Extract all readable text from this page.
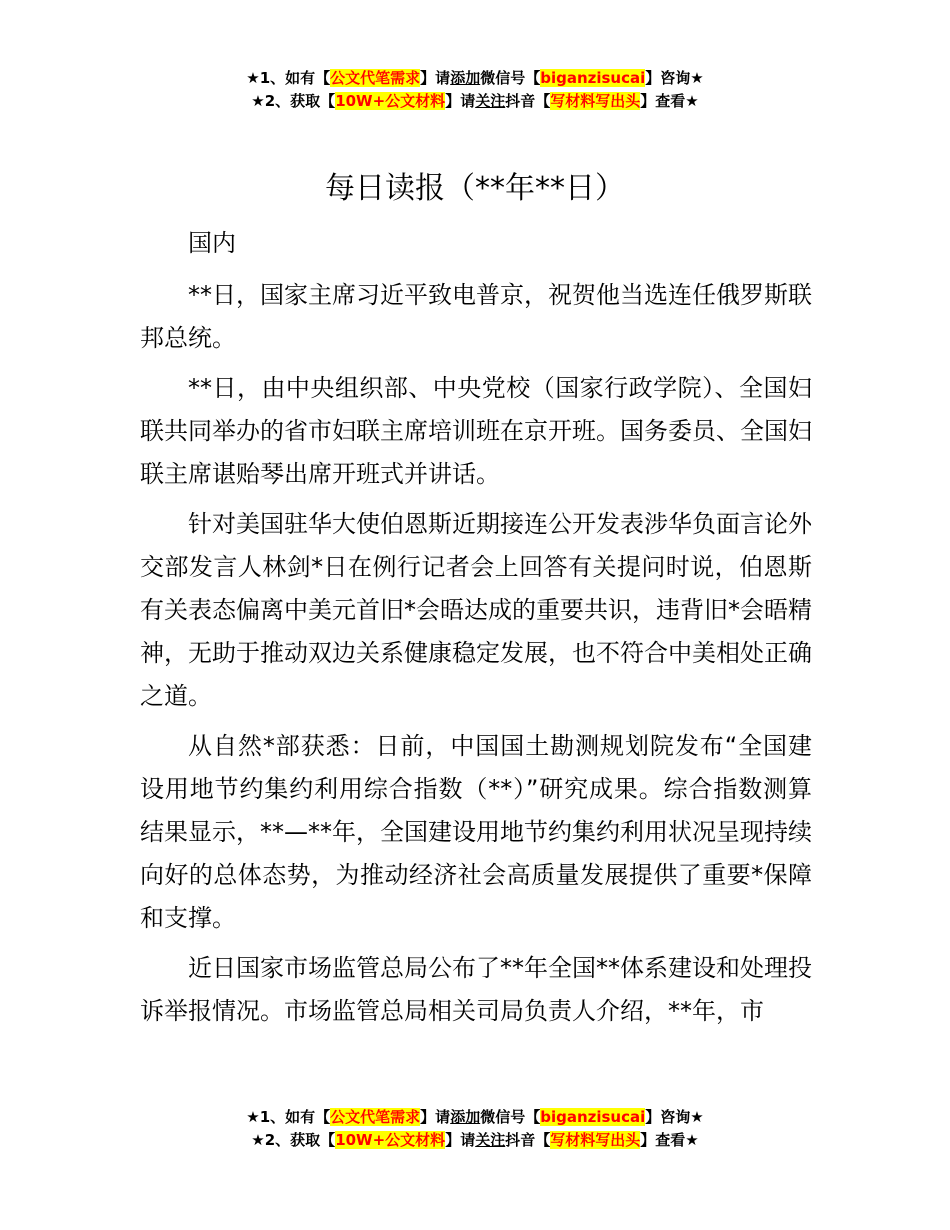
★1、如有【公文代笔需求】请添加微信号【biganzisucai】咨询★
★2、获取【10W+公文材料】请关注抖音【写材料写出头】查看★
每日读报（**年**日）

国内

**日，国家主席习近平致电普京，祝贺他当选连任俄罗斯联邦总统。

**日，由中央组织部、中央党校（国家行政学院）、全国妇联共同举办的省市妇联主席培训班在京开班。国务委员、全国妇联主席谌贻琴出席开班式并讲话。

针对美国驻华大使伯恩斯近期接连公开发表涉华负面言论外交部发言人林剑*日在例行记者会上回答有关提问时说，伯恩斯有关表态偏离中美元首旧*会晤达成的重要共识，违背旧*会晤精神，无助于推动双边关系健康稳定发展，也不符合中美相处正确之道。

从自然*部获悉：日前，中国国土勘测规划院发布“全国建设用地节约集约利用综合指数（**）”研究成果。综合指数测算结果显示，**—**年，全国建设用地节约集约利用状况呈现持续向好的总体态势，为推动经济社会高质量发展提供了重要*保障和支撑。

近日国家市场监管总局公布了**年全国**体系建设和处理投诉举报情况。市场监管总局相关司局负责人介绍，**年，市

★1、如有【公文代笔需求】请添加微信号【biganzisucai】咨询★
★2、获取【10W+公文材料】请关注抖音【写材料写出头】查看★
